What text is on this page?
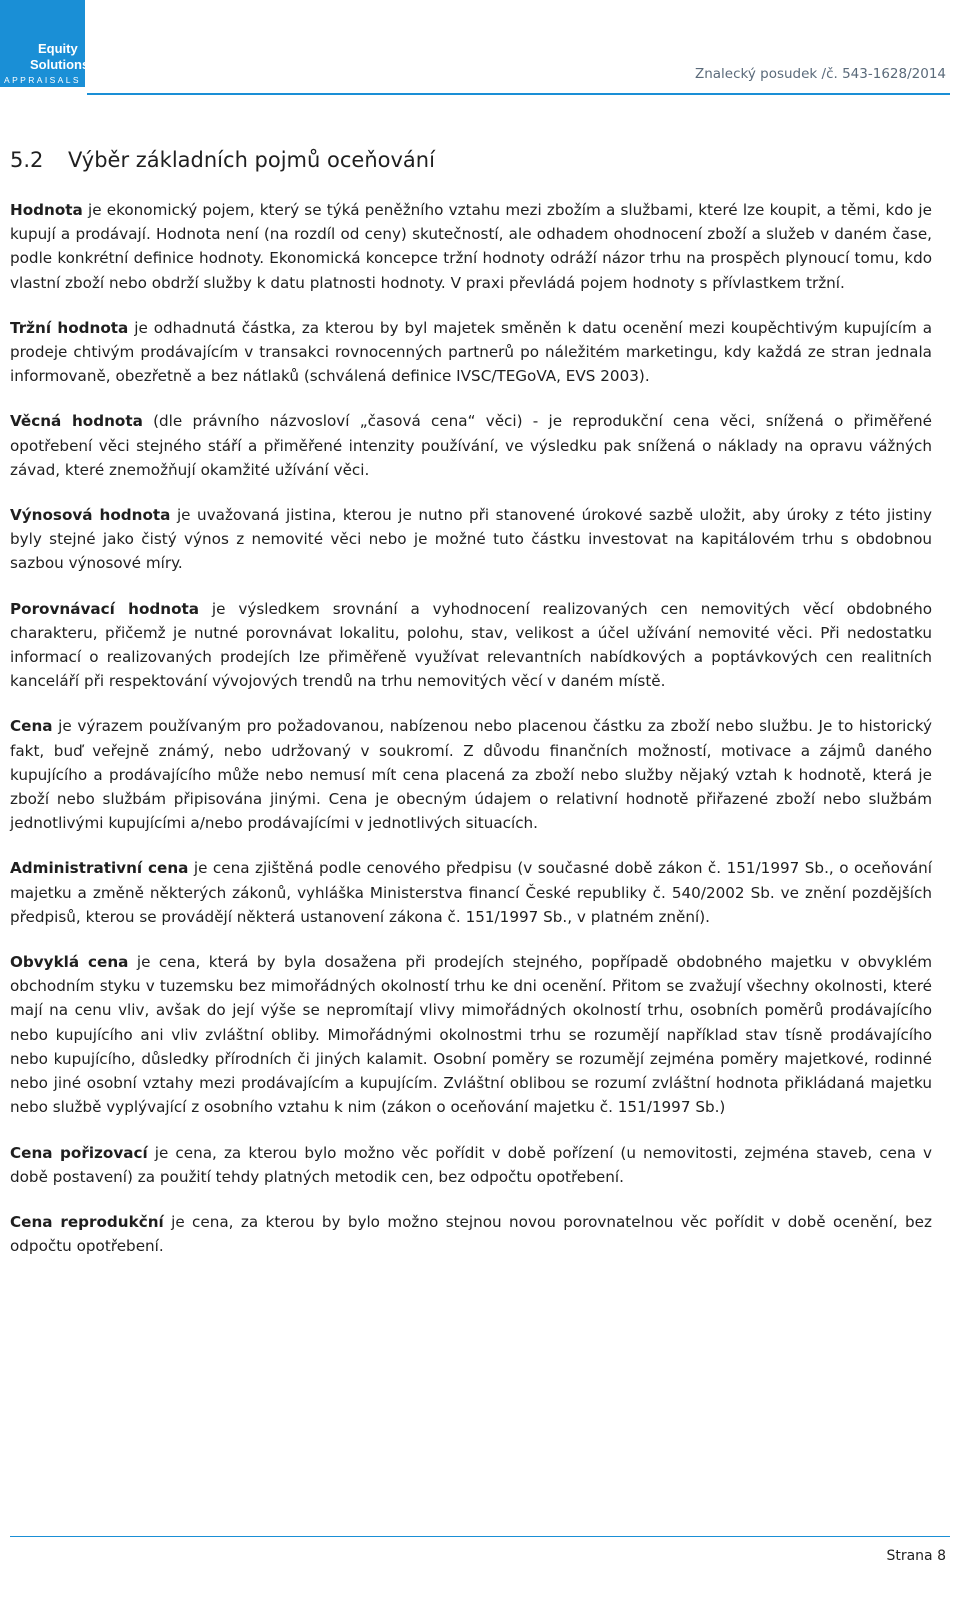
Equity
Solutions
APPRAISALS	Znalecký posudek /č. 543-1628/2014
5.2 Výběr základních pojmů oceňování

Hodnota je ekonomický pojem, který se týká peněžního vztahu mezi zbožím a službami, které lze koupit, a těmi, kdo je kupují a prodávají. Hodnota není (na rozdíl od ceny) skutečností, ale odhadem ohodnocení zboží a služeb v daném čase, podle konkrétní definice hodnoty. Ekonomická koncepce tržní hodnoty odráží názor trhu na prospěch plynoucí tomu, kdo vlastní zboží nebo obdrží služby k datu platnosti hodnoty. V praxi převládá pojem hodnoty s přívlastkem tržní.

Tržní hodnota je odhadnutá částka, za kterou by byl majetek směněn k datu ocenění mezi koupěchtivým kupujícím a prodeje chtivým prodávajícím v transakci rovnocenných partnerů po náležitém marketingu, kdy každá ze stran jednala informovaně, obezřetně a bez nátlaků (schválená definice IVSC/TEGoVA, EVS 2003).

Věcná hodnota (dle právního názvosloví „časová cena“ věci) - je reprodukční cena věci, snížená o přiměřené opotřebení věci stejného stáří a přiměřené intenzity používání, ve výsledku pak snížená o náklady na opravu vážných závad, které znemožňují okamžité užívání věci.

Výnosová hodnota je uvažovaná jistina, kterou je nutno při stanovené úrokové sazbě uložit, aby úroky z této jistiny byly stejné jako čistý výnos z nemovité věci nebo je možné tuto částku investovat na kapitálovém trhu s obdobnou sazbou výnosové míry.

Porovnávací hodnota je výsledkem srovnání a vyhodnocení realizovaných cen nemovitých věcí obdobného charakteru, přičemž je nutné porovnávat lokalitu, polohu, stav, velikost a účel užívání nemovité věci. Při nedostatku informací o realizovaných prodejích lze přiměřeně využívat relevantních nabídkových a poptávkových cen realitních kanceláří při respektování vývojových trendů na trhu nemovitých věcí v daném místě.

Cena je výrazem používaným pro požadovanou, nabízenou nebo placenou částku za zboží nebo službu. Je to historický fakt, buď veřejně známý, nebo udržovaný v soukromí. Z důvodu finančních možností, motivace a zájmů daného kupujícího a prodávajícího může nebo nemusí mít cena placená za zboží nebo služby nějaký vztah k hodnotě, která je zboží nebo službám připisována jinými. Cena je obecným údajem o relativní hodnotě přiřazené zboží nebo službám jednotlivými kupujícími a/nebo prodávajícími v jednotlivých situacích.

Administrativní cena je cena zjištěná podle cenového předpisu (v současné době zákon č. 151/1997 Sb., o oceňování majetku a změně některých zákonů, vyhláška Ministerstva financí České republiky č. 540/2002 Sb. ve znění pozdějších předpisů, kterou se provádějí některá ustanovení zákona č. 151/1997 Sb., v platném znění).

Obvyklá cena je cena, která by byla dosažena při prodejích stejného, popřípadě obdobného majetku v obvyklém obchodním styku v tuzemsku bez mimořádných okolností trhu ke dni ocenění. Přitom se zvažují všechny okolnosti, které mají na cenu vliv, avšak do její výše se nepromítají vlivy mimořádných okolností trhu, osobních poměrů prodávajícího nebo kupujícího ani vliv zvláštní obliby. Mimořádnými okolnostmi trhu se rozumějí například stav tísně prodávajícího nebo kupujícího, důsledky přírodních či jiných kalamit. Osobní poměry se rozumějí zejména poměry majetkové, rodinné nebo jiné osobní vztahy mezi prodávajícím a kupujícím. Zvláštní oblibou se rozumí zvláštní hodnota přikládaná majetku nebo službě vyplývající z osobního vztahu k nim (zákon o oceňování majetku č. 151/1997 Sb.)

Cena pořizovací je cena, za kterou bylo možno věc pořídit v době pořízení (u nemovitosti, zejména staveb, cena v době postavení) za použití tehdy platných metodik cen, bez odpočtu opotřebení.

Cena reprodukční je cena, za kterou by bylo možno stejnou novou porovnatelnou věc pořídit v době ocenění, bez odpočtu opotřebení.

Strana 8
